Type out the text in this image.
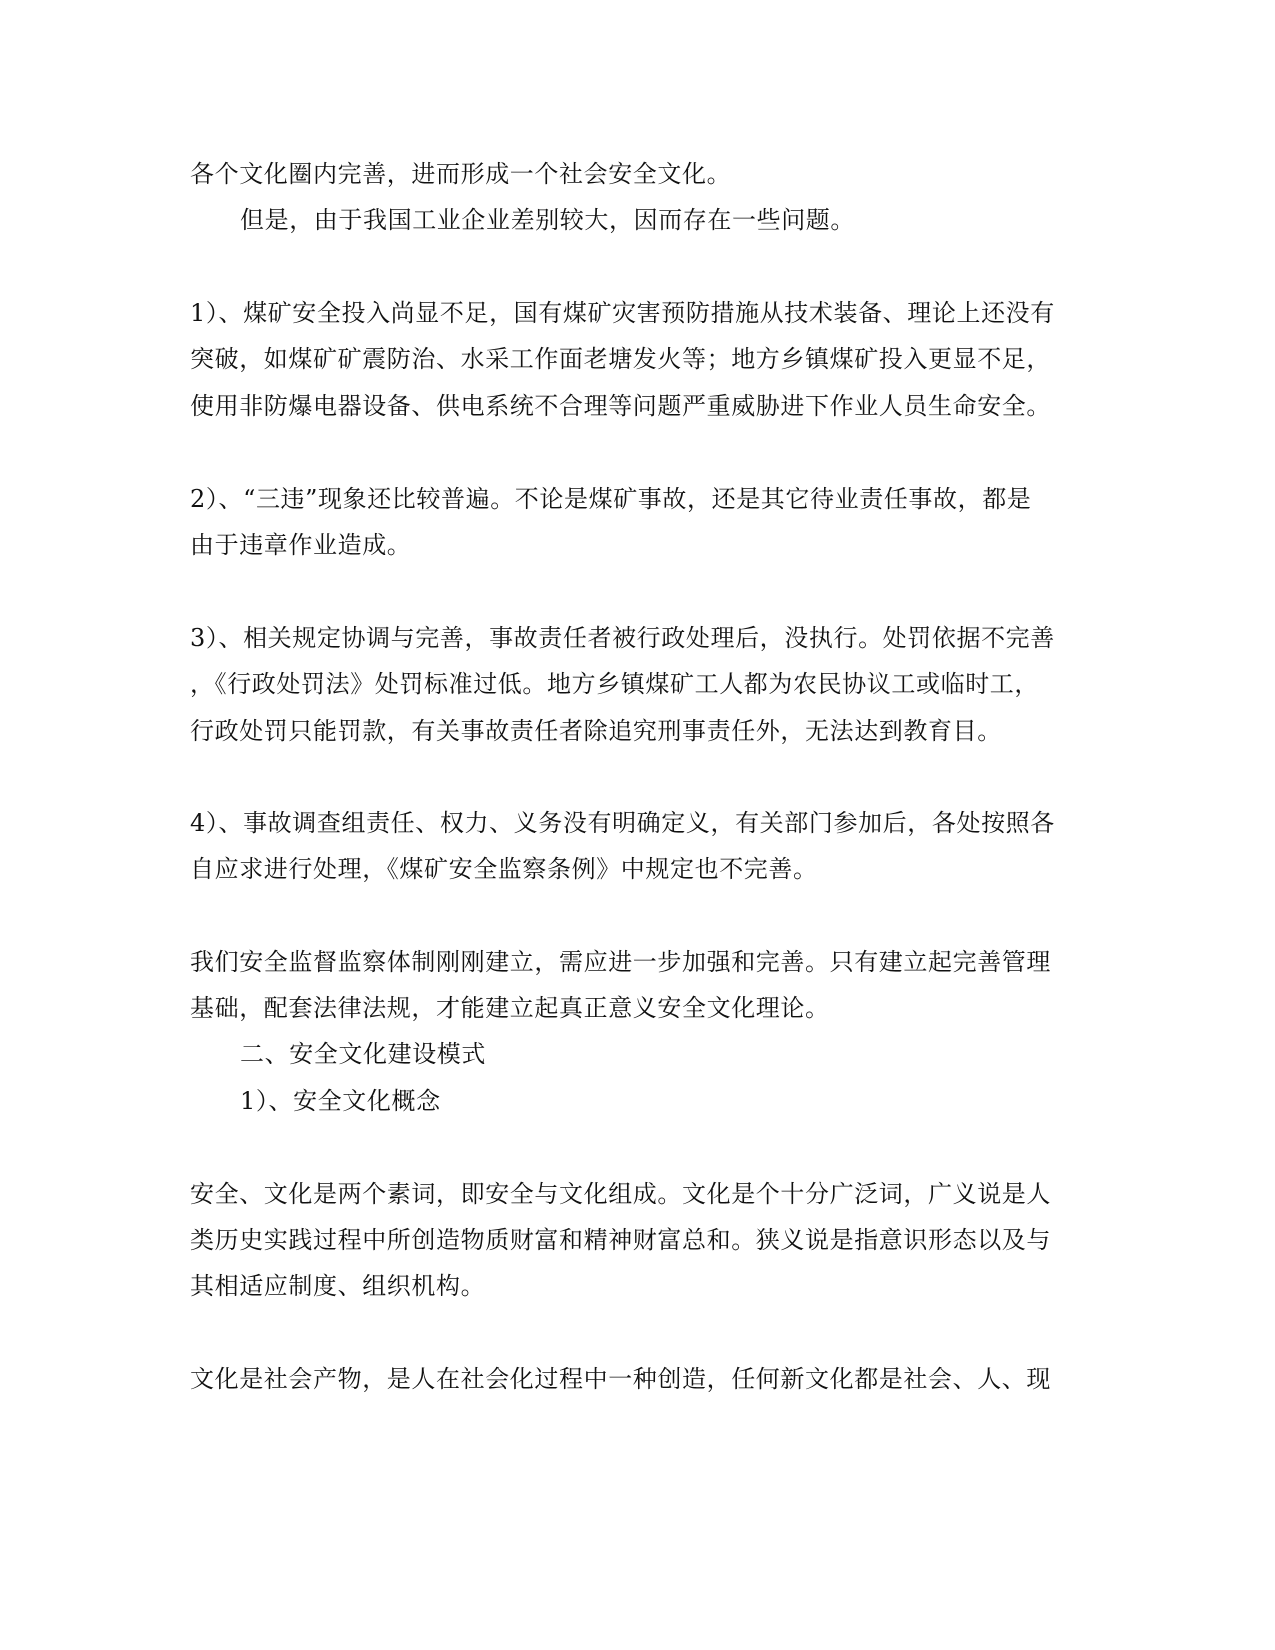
各个文化圈内完善，进而形成一个社会安全文化。

但是，由于我国工业企业差别较大，因而存在一些问题。

1）、煤矿安全投入尚显不足，国有煤矿灾害预防措施从技术装备、理论上还没有

突破，如煤矿矿震防治、水采工作面老塘发火等；地方乡镇煤矿投入更显不足，

使用非防爆电器设备、供电系统不合理等问题严重威胁进下作业人员生命安全。

2）、“三违”现象还比较普遍。不论是煤矿事故，还是其它待业责任事故，都是

由于违章作业造成。

3）、相关规定协调与完善，事故责任者被行政处理后，没执行。处罚依据不完善

，《行政处罚法》处罚标准过低。地方乡镇煤矿工人都为农民协议工或临时工，

行政处罚只能罚款，有关事故责任者除追究刑事责任外，无法达到教育目。

4）、事故调查组责任、权力、义务没有明确定义，有关部门参加后，各处按照各

自应求进行处理，《煤矿安全监察条例》中规定也不完善。

我们安全监督监察体制刚刚建立，需应进一步加强和完善。只有建立起完善管理

基础，配套法律法规，才能建立起真正意义安全文化理论。

二、安全文化建设模式

1）、安全文化概念

安全、文化是两个素词，即安全与文化组成。文化是个十分广泛词，广义说是人

类历史实践过程中所创造物质财富和精神财富总和。狭义说是指意识形态以及与

其相适应制度、组织机构。

文化是社会产物，是人在社会化过程中一种创造，任何新文化都是社会、人、现
